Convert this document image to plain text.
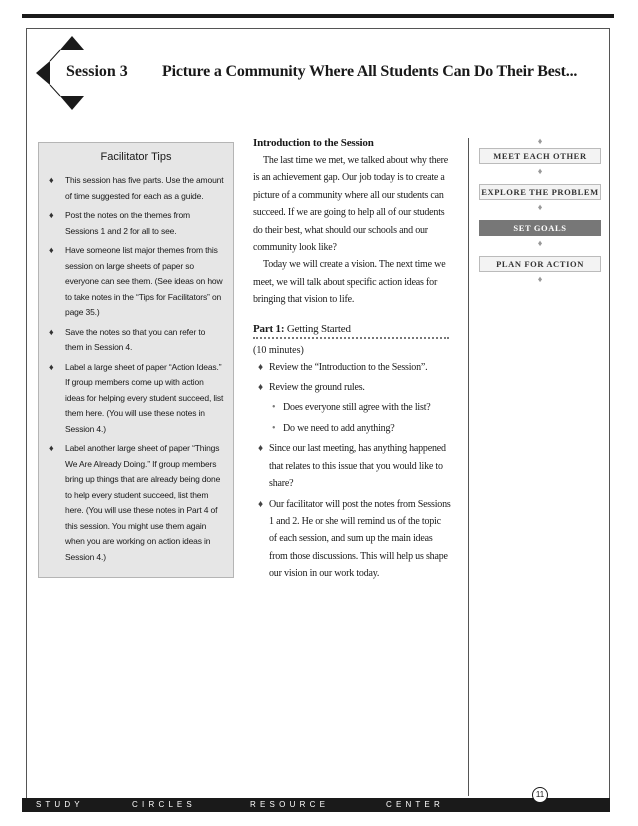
Session 3 Picture a Community Where All Students Can Do Their Best...
Facilitator Tips
♦ This session has five parts. Use the amount of time suggested for each as a guide.
♦ Post the notes on the themes from Sessions 1 and 2 for all to see.
♦ Have someone list major themes from this session on large sheets of paper so everyone can see them. (See ideas on how to take notes in the “Tips for Facilitators” on page 35.)
♦ Save the notes so that you can refer to them in Session 4.
♦ Label a large sheet of paper “Action Ideas.” If group members come up with action ideas for helping every student succeed, list them here. (You will use these notes in Session 4.)
♦ Label another large sheet of paper “Things We Are Already Doing.” If group members bring up things that are already being done to help every student succeed, list them here. (You will use these notes in Part 4 of this session. You might use them again when you are working on action ideas in Session 4.)
Introduction to the Session

The last time we met, we talked about why there is an achievement gap. Our job today is to create a picture of a community where all our students can succeed. If we are going to help all of our students do their best, what should our schools and our community look like?

Today we will create a vision. The next time we meet, we will talk about specific action ideas for bringing that vision to life.

Part 1: Getting Started
(10 minutes)
♦ Review the “Introduction to the Session”.
♦ Review the ground rules.
• Does everyone still agree with the list?
• Do we need to add anything?
♦ Since our last meeting, has anything happened that relates to this issue that you would like to share?
♦ Our facilitator will post the notes from Sessions 1 and 2. He or she will remind us of the topic of each session, and sum up the main ideas from those discussions. This will help us shape our vision in our work today.
♦
MEET EACH OTHER
♦
EXPLORE THE PROBLEM
♦
SET GOALS
♦
PLAN FOR ACTION
♦
S T U D Y	C I R C L E S	R E S O U R C E	C E N T E R
11
